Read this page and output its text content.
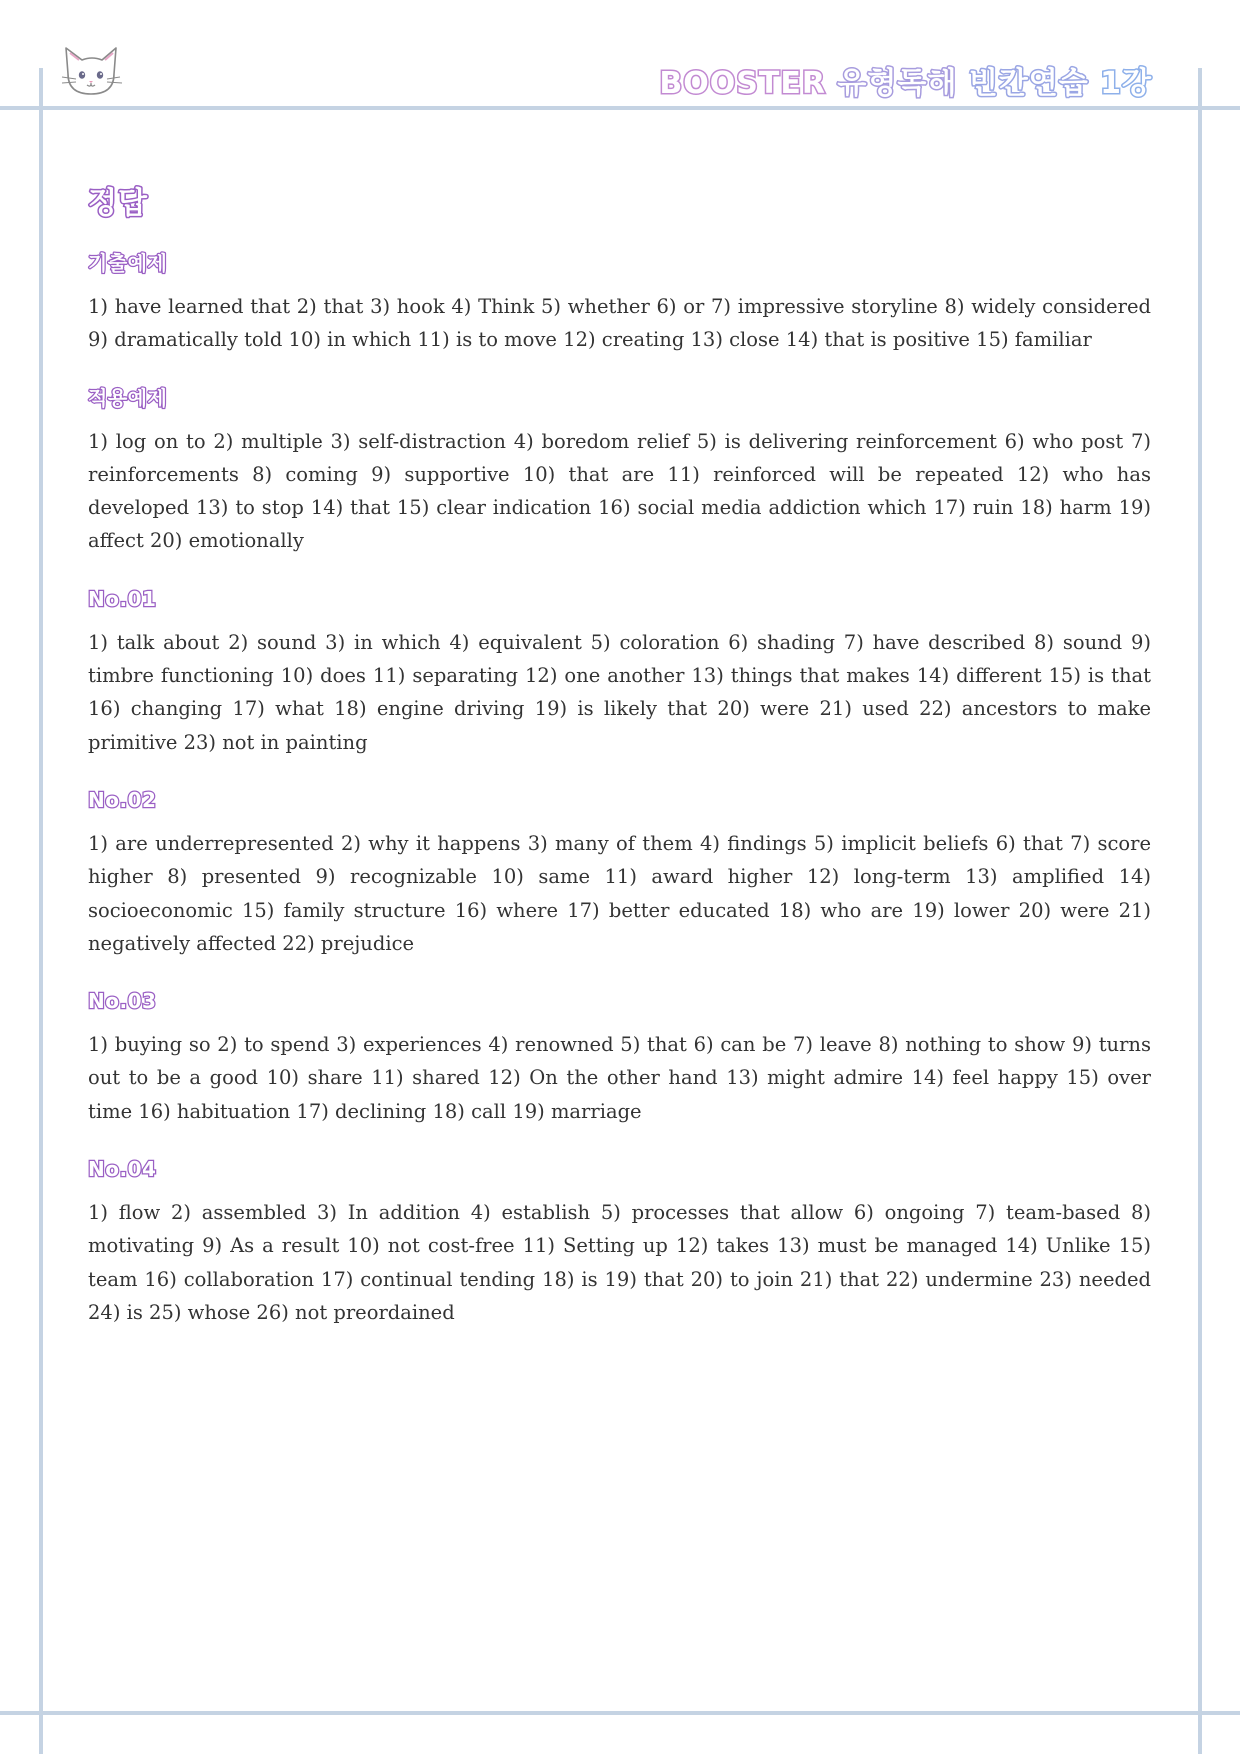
BOOSTER 유형독해 빈칸연습 1강
정답
기출예제

1) have learned that 2) that 3) hook 4) Think 5) whether 6) or 7) impressive storyline 8) widely considered 9) dramatically told 10) in which 11) is to move 12) creating 13) close 14) that is positive 15) familiar

적용예제

1) log on to 2) multiple 3) self-distraction 4) boredom relief 5) is delivering reinforcement 6) who post 7) reinforcements 8) coming 9) supportive 10) that are 11) reinforced will be repeated 12) who has developed 13) to stop 14) that 15) clear indication 16) social media addiction which 17) ruin 18) harm 19) affect 20) emotionally

No.01

1) talk about 2) sound 3) in which 4) equivalent 5) coloration 6) shading 7) have described 8) sound 9) timbre functioning 10) does 11) separating 12) one another 13) things that makes 14) different 15) is that 16) changing 17) what 18) engine driving 19) is likely that 20) were 21) used 22) ancestors to make primitive 23) not in painting

No.02

1) are underrepresented 2) why it happens 3) many of them 4) findings 5) implicit beliefs 6) that 7) score higher 8) presented 9) recognizable 10) same 11) award higher 12) long-term 13) amplified 14) socioeconomic 15) family structure 16) where 17) better educated 18) who are 19) lower 20) were 21) negatively affected 22) prejudice

No.03

1) buying so 2) to spend 3) experiences 4) renowned 5) that 6) can be 7) leave 8) nothing to show 9) turns out to be a good 10) share 11) shared 12) On the other hand 13) might admire 14) feel happy 15) over time 16) habituation 17) declining 18) call 19) marriage

No.04

1) flow 2) assembled 3) In addition 4) establish 5) processes that allow 6) ongoing 7) team-based 8) motivating 9) As a result 10) not cost-free 11) Setting up 12) takes 13) must be managed 14) Unlike 15) team 16) collaboration 17) continual tending 18) is 19) that 20) to join 21) that 22) undermine 23) needed 24) is 25) whose 26) not preordained
